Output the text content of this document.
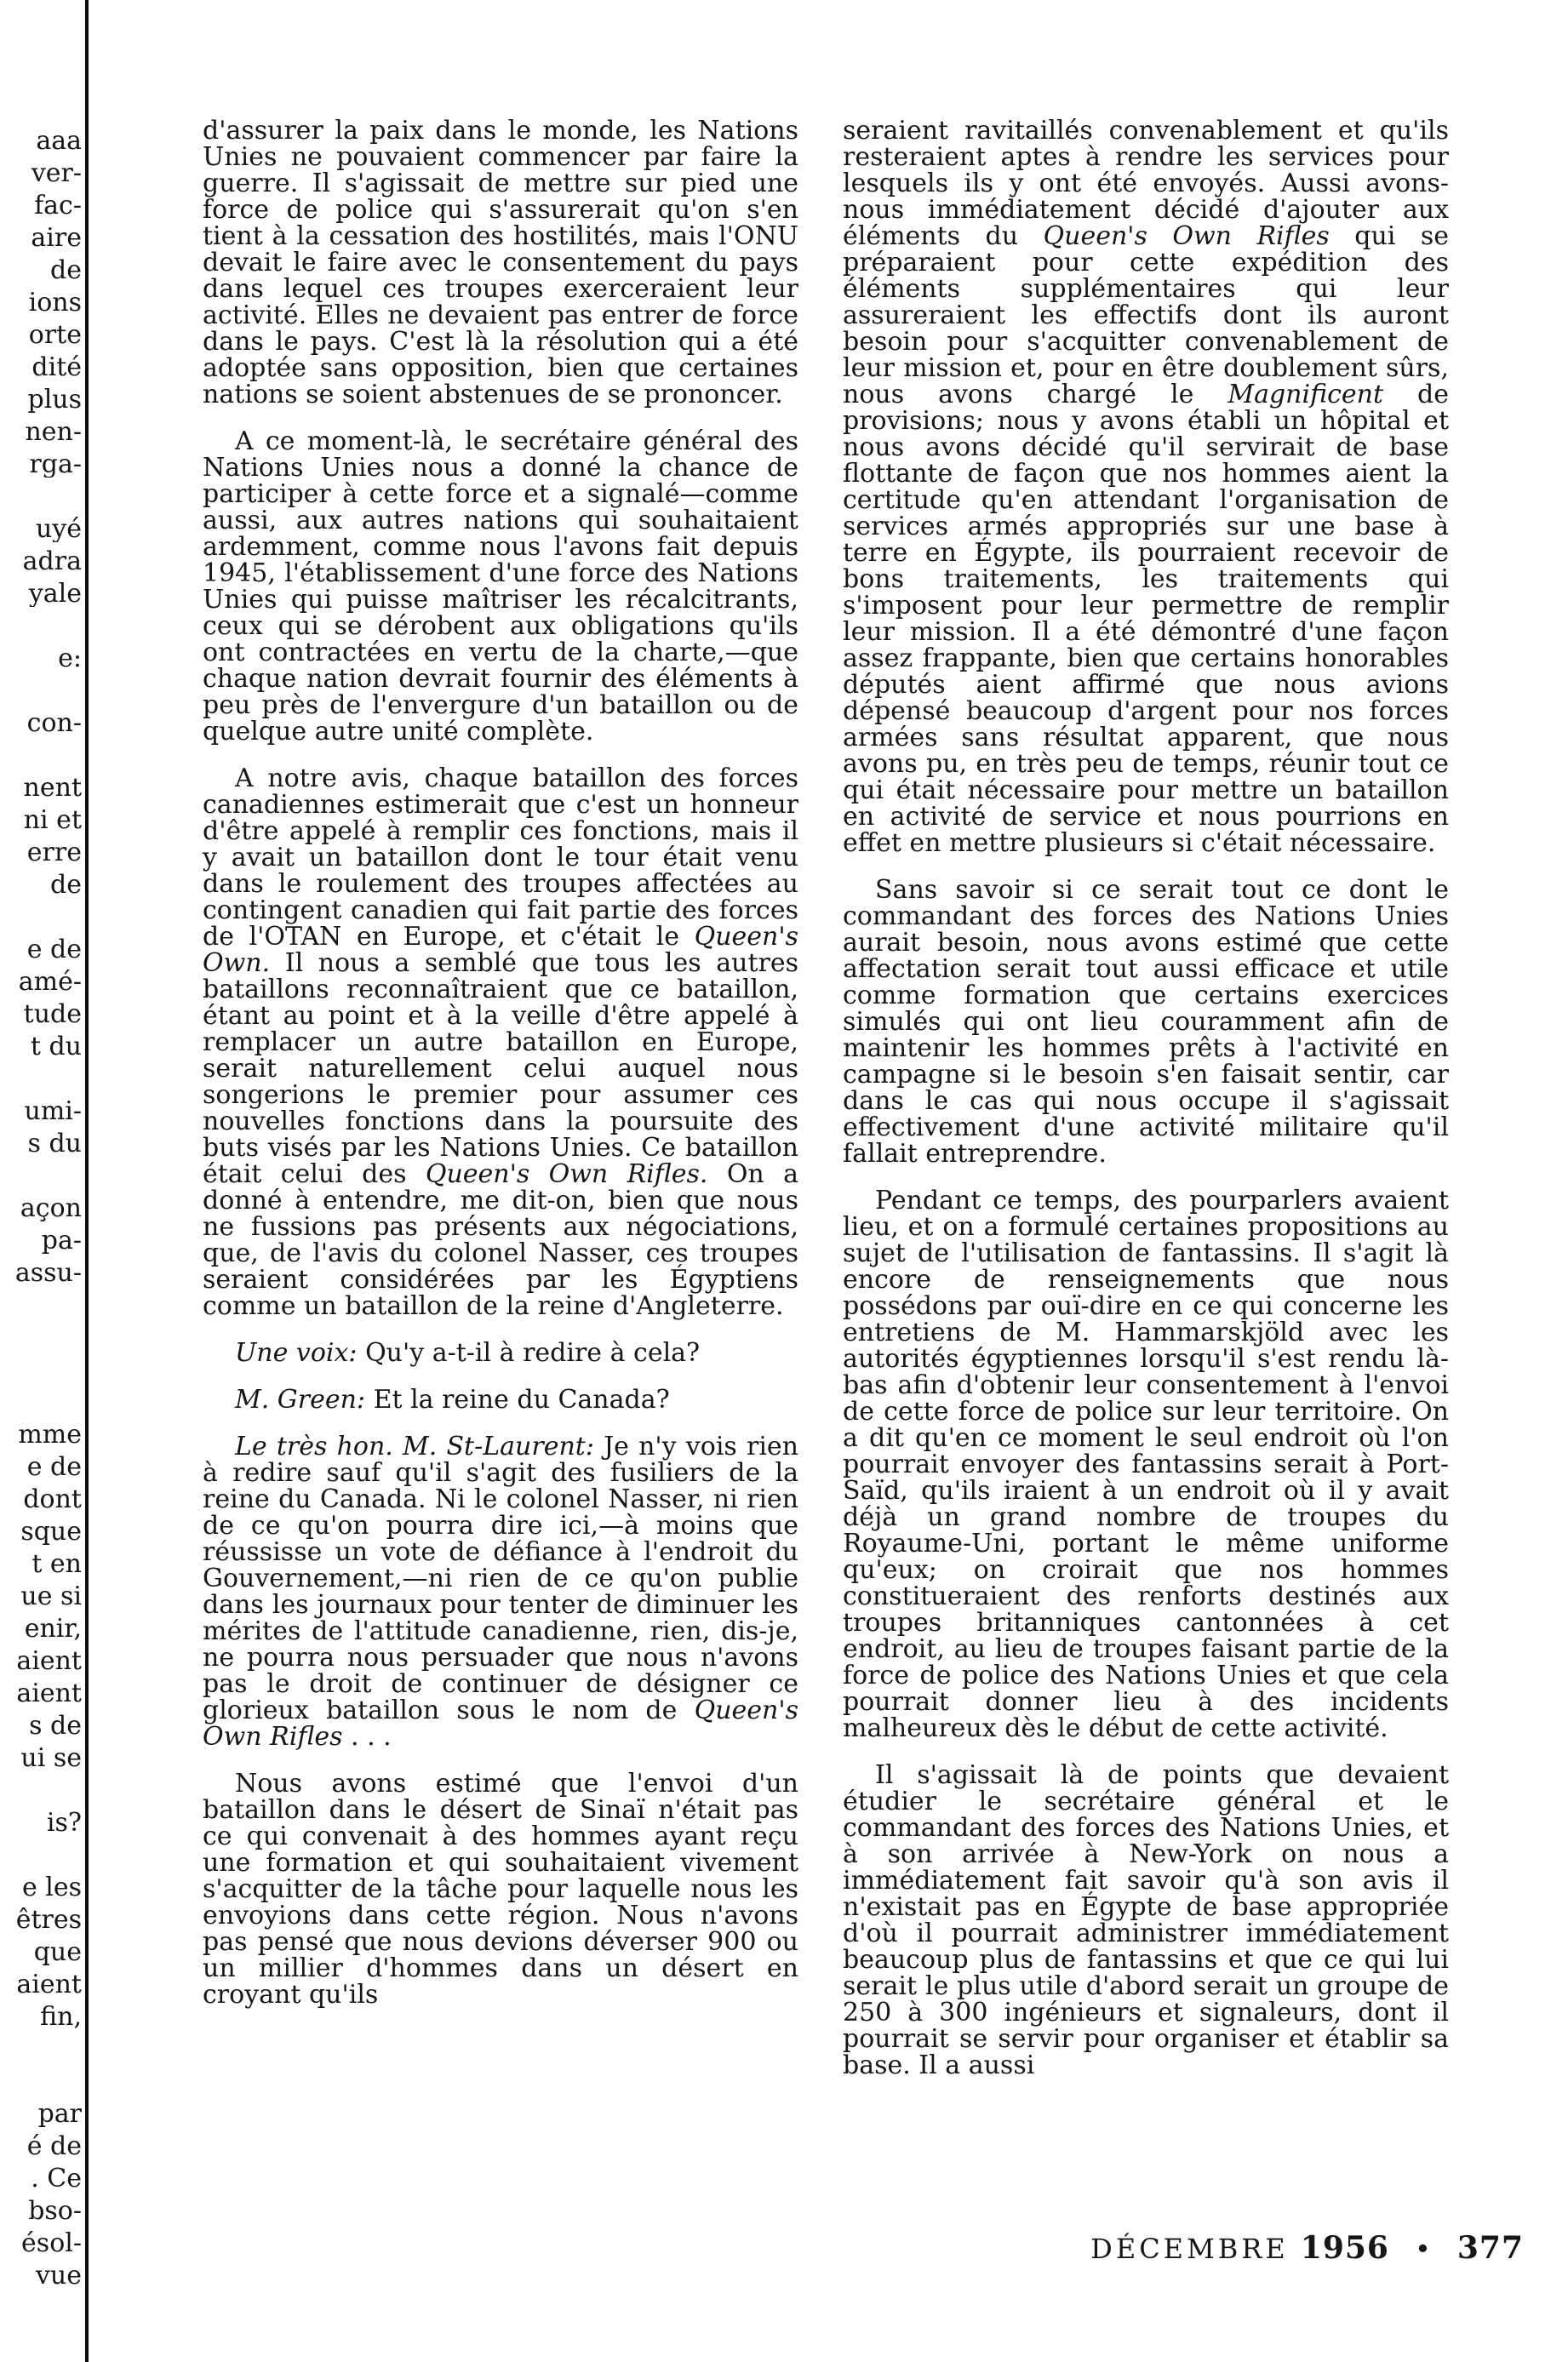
aaa
ver-
fac-
aire
de
ions
orte
dité
plus
nen-
rga-
uyé
adra
yale
e:
con-
nent
ni et
erre
de
e de
amé-
tude
t du
umi-
s du
açon
pa-
assu-
mme
e de
dont
sque
t en
ue si
enir,
aient
aient
s de
ui se
is?
e les
êtres
que
aient
fin,
par
é de
. Ce
bso-
ésol-
vue

d'assurer la paix dans le monde, les Nations Unies ne pouvaient commencer par faire la guerre. Il s'agissait de mettre sur pied une force de police qui s'assurerait qu'on s'en tient à la cessation des hostilités, mais l'ONU devait le faire avec le consentement du pays dans lequel ces troupes exerceraient leur activité. Elles ne devaient pas entrer de force dans le pays. C'est là la résolution qui a été adoptée sans opposition, bien que certaines nations se soient abstenues de se prononcer.

A ce moment-là, le secrétaire général des Nations Unies nous a donné la chance de participer à cette force et a signalé—comme aussi, aux autres nations qui souhaitaient ardemment, comme nous l'avons fait depuis 1945, l'établissement d'une force des Nations Unies qui puisse maîtriser les récalcitrants, ceux qui se dérobent aux obligations qu'ils ont contractées en vertu de la charte,—que chaque nation devrait fournir des éléments à peu près de l'envergure d'un bataillon ou de quelque autre unité complète.

A notre avis, chaque bataillon des forces canadiennes estimerait que c'est un honneur d'être appelé à remplir ces fonctions, mais il y avait un bataillon dont le tour était venu dans le roulement des troupes affectées au contingent canadien qui fait partie des forces de l'OTAN en Europe, et c'était le Queen's Own. Il nous a semblé que tous les autres bataillons reconnaîtraient que ce bataillon, étant au point et à la veille d'être appelé à remplacer un autre bataillon en Europe, serait naturellement celui auquel nous songerions le premier pour assumer ces nouvelles fonctions dans la poursuite des buts visés par les Nations Unies. Ce bataillon était celui des Queen's Own Rifles. On a donné à entendre, me dit-on, bien que nous ne fussions pas présents aux négociations, que, de l'avis du colonel Nasser, ces troupes seraient considérées par les Égyptiens comme un bataillon de la reine d'Angleterre.

Une voix: Qu'y a-t-il à redire à cela?

M. Green: Et la reine du Canada?

Le très hon. M. St-Laurent: Je n'y vois rien à redire sauf qu'il s'agit des fusiliers de la reine du Canada. Ni le colonel Nasser, ni rien de ce qu'on pourra dire ici,—à moins que réussisse un vote de défiance à l'endroit du Gouvernement,—ni rien de ce qu'on publie dans les journaux pour tenter de diminuer les mérites de l'attitude canadienne, rien, dis-je, ne pourra nous persuader que nous n'avons pas le droit de continuer de désigner ce glorieux bataillon sous le nom de Queen's Own Rifles . . .

Nous avons estimé que l'envoi d'un bataillon dans le désert de Sinaï n'était pas ce qui convenait à des hommes ayant reçu une formation et qui souhaitaient vivement s'acquitter de la tâche pour laquelle nous les envoyions dans cette région. Nous n'avons pas pensé que nous devions déverser 900 ou un millier d'hommes dans un désert en croyant qu'ils

seraient ravitaillés convenablement et qu'ils resteraient aptes à rendre les services pour lesquels ils y ont été envoyés. Aussi avons-nous immédiatement décidé d'ajouter aux éléments du Queen's Own Rifles qui se préparaient pour cette expédition des éléments supplémentaires qui leur assureraient les effectifs dont ils auront besoin pour s'acquitter convenablement de leur mission et, pour en être doublement sûrs, nous avons chargé le Magnificent de provisions; nous y avons établi un hôpital et nous avons décidé qu'il servirait de base flottante de façon que nos hommes aient la certitude qu'en attendant l'organisation de services armés appropriés sur une base à terre en Égypte, ils pourraient recevoir de bons traitements, les traitements qui s'imposent pour leur permettre de remplir leur mission. Il a été démontré d'une façon assez frappante, bien que certains honorables députés aient affirmé que nous avions dépensé beaucoup d'argent pour nos forces armées sans résultat apparent, que nous avons pu, en très peu de temps, réunir tout ce qui était nécessaire pour mettre un bataillon en activité de service et nous pourrions en effet en mettre plusieurs si c'était nécessaire.

Sans savoir si ce serait tout ce dont le commandant des forces des Nations Unies aurait besoin, nous avons estimé que cette affectation serait tout aussi efficace et utile comme formation que certains exercices simulés qui ont lieu couramment afin de maintenir les hommes prêts à l'activité en campagne si le besoin s'en faisait sentir, car dans le cas qui nous occupe il s'agissait effectivement d'une activité militaire qu'il fallait entreprendre.

Pendant ce temps, des pourparlers avaient lieu, et on a formulé certaines propositions au sujet de l'utilisation de fantassins. Il s'agit là encore de renseignements que nous possédons par ouï-dire en ce qui concerne les entretiens de M. Hammarskjöld avec les autorités égyptiennes lorsqu'il s'est rendu là-bas afin d'obtenir leur consentement à l'envoi de cette force de police sur leur territoire. On a dit qu'en ce moment le seul endroit où l'on pourrait envoyer des fantassins serait à Port-Saïd, qu'ils iraient à un endroit où il y avait déjà un grand nombre de troupes du Royaume-Uni, portant le même uniforme qu'eux; on croirait que nos hommes constitueraient des renforts destinés aux troupes britanniques cantonnées à cet endroit, au lieu de troupes faisant partie de la force de police des Nations Unies et que cela pourrait donner lieu à des incidents malheureux dès le début de cette activité.

Il s'agissait là de points que devaient étudier le secrétaire général et le commandant des forces des Nations Unies, et à son arrivée à New-York on nous a immédiatement fait savoir qu'à son avis il n'existait pas en Égypte de base appropriée d'où il pourrait administrer immédiatement beaucoup plus de fantassins et que ce qui lui serait le plus utile d'abord serait un groupe de 250 à 300 ingénieurs et signaleurs, dont il pourrait se servir pour organiser et établir sa base. Il a aussi

DÉCEMBRE 1956 • 377
